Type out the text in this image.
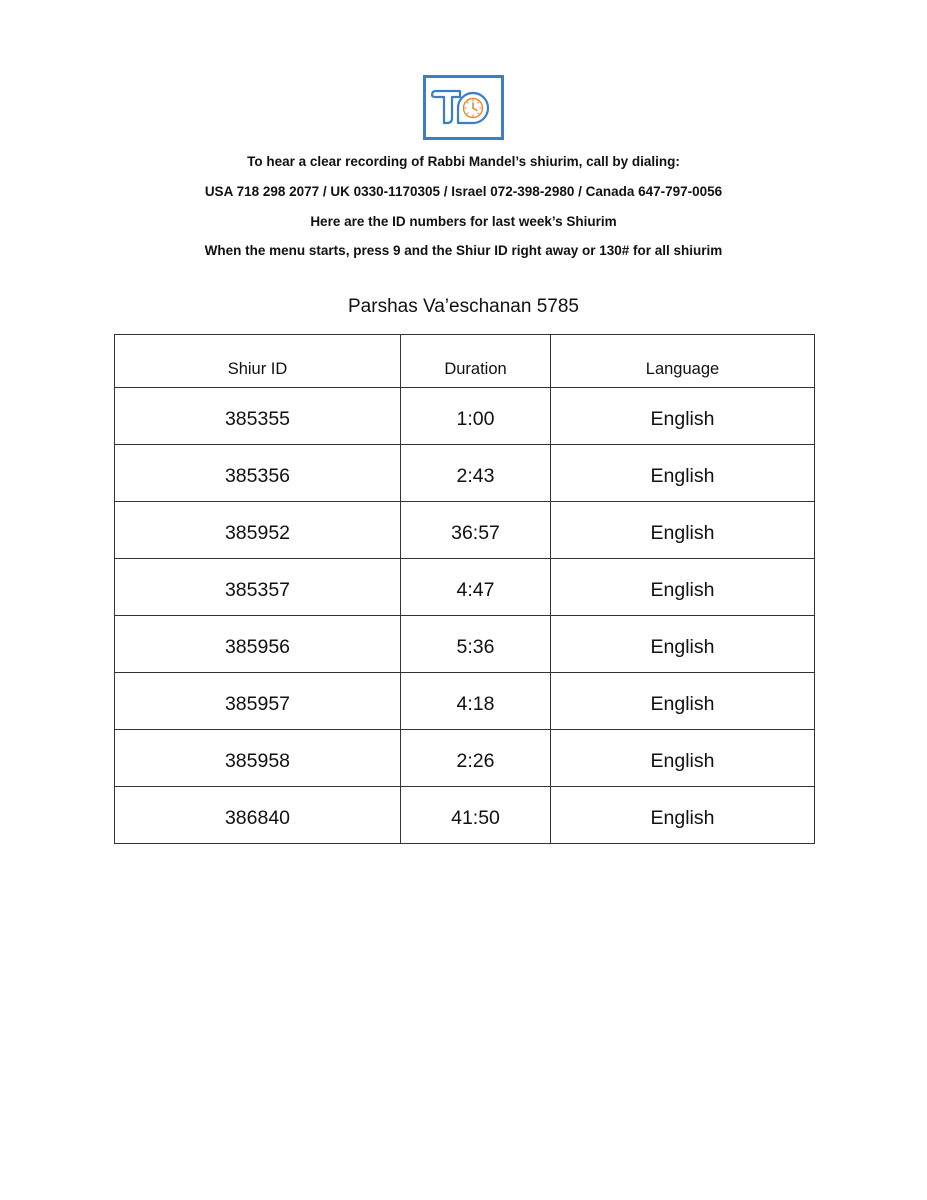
To hear a clear recording of Rabbi Mandel’s shiurim, call by dialing:
USA 718 298 2077 / UK 0330-1170305 / Israel 072-398-2980 / Canada 647-797-0056
Here are the ID numbers for last week’s Shiurim
When the menu starts, press 9 and the Shiur ID right away or 130# for all shiurim
Parshas Va’eschanan 5785
Shiur ID	Duration	Language
385355	1:00	English
385356	2:43	English
385952	36:57	English
385357	4:47	English
385956	5:36	English
385957	4:18	English
385958	2:26	English
386840	41:50	English
